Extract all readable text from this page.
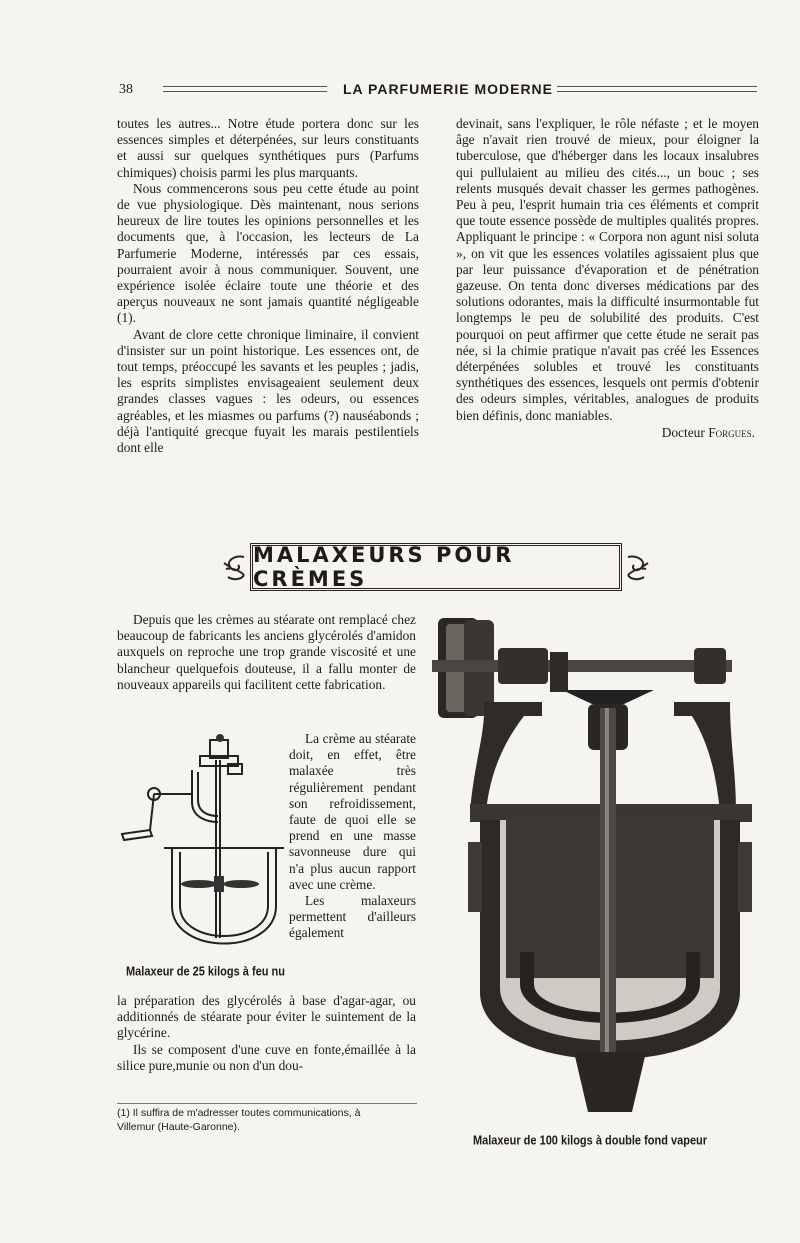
38	LA PARFUMERIE MODERNE

toutes les autres... Notre étude portera donc sur les essences simples et déterpénées, sur leurs constituants et aussi sur quelques synthétiques purs (Parfums chimiques) choisis parmi les plus marquants.

Nous commencerons sous peu cette étude au point de vue physiologique. Dès maintenant, nous serions heureux de lire toutes les opinions personnelles et les documents que, à l'occasion, les lecteurs de La Parfumerie Moderne, intéressés par ces essais, pourraient avoir à nous communiquer. Souvent, une expérience isolée éclaire toute une théorie et des aperçus nouveaux ne sont jamais quantité négligeable (1).

Avant de clore cette chronique liminaire, il convient d'insister sur un point historique. Les essences ont, de tout temps, préoccupé les savants et les peuples ; jadis, les esprits simplistes envisageaient seulement deux grandes classes vagues : les odeurs, ou essences agréables, et les miasmes ou parfums (?) nauséabonds ; déjà l'antiquité grecque fuyait les marais pestilentiels dont elle

devinait, sans l'expliquer, le rôle néfaste ; et le moyen âge n'avait rien trouvé de mieux, pour éloigner la tuberculose, que d'héberger dans les locaux insalubres qui pullulaient au milieu des cités..., un bouc ; ses relents musqués devait chasser les germes pathogènes. Peu à peu, l'esprit humain tria ces éléments et comprit que toute essence possède de multiples qualités propres. Appliquant le principe : « Corpora non agunt nisi soluta », on vit que les essences volatiles agissaient plus que par leur puissance d'évaporation et de pénétration gazeuse. On tenta donc diverses médications par des solutions odorantes, mais la difficulté insurmontable fut longtemps le peu de solubilité des produits. C'est pourquoi on peut affirmer que cette étude ne serait pas née, si la chimie pratique n'avait pas créé les Essences déterpénées solubles et trouvé les constituants synthétiques des essences, lesquels ont permis d'obtenir des odeurs simples, véritables, analogues de produits bien définis, donc maniables.

Docteur Forgues.

MALAXEURS POUR CRÈMES

Depuis que les crèmes au stéarate ont remplacé chez beaucoup de fabricants les anciens glycérolés d'amidon auxquels on reproche une trop grande viscosité et une blancheur quelquefois douteuse, il a fallu monter de nouveaux appareils qui facilitent cette fabrication.

Malaxeur de 25 kilogs à feu nu

La crème au stéarate doit, en effet, être malaxée très régulièrement pendant son refroidissement, faute de quoi elle se prend en une masse savonneuse dure qui n'a plus aucun rapport avec une crème.

Les malaxeurs permettent d'ailleurs également

la préparation des glycérolés à base d'agar-agar, ou additionnés de stéarate pour éviter le suintement de la glycérine.

Ils se composent d'une cuve en fonte,émaillée à la silice pure,munie ou non d'un dou-

(1) Il suffira de m'adresser toutes communications, à
Villemur (Haute-Garonne).
Malaxeur de 100 kilogs à double fond vapeur
